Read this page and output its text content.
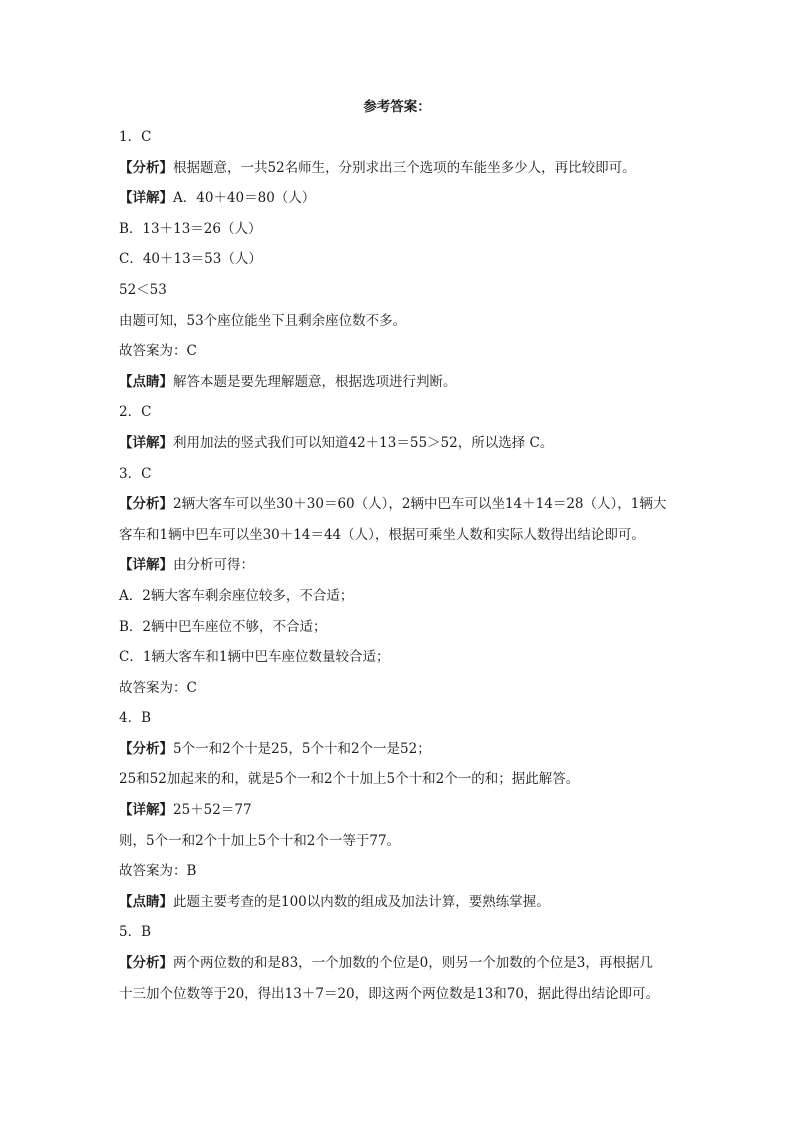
参考答案：
1．C
【分析】根据题意，一共52名师生，分别求出三个选项的车能坐多少人，再比较即可。
【详解】A．40＋40＝80（人）
B．13＋13＝26（人）
C．40＋13＝53（人）
52＜53
由题可知，53个座位能坐下且剩余座位数不多。
故答案为：C
【点睛】解答本题是要先理解题意，根据选项进行判断。
2．C
【详解】利用加法的竖式我们可以知道42＋13＝55＞52，所以选择 C。
3．C
【分析】2辆大客车可以坐30＋30＝60（人），2辆中巴车可以坐14＋14＝28（人），1辆大
客车和1辆中巴车可以坐30＋14＝44（人），根据可乘坐人数和实际人数得出结论即可。
【详解】由分析可得：
A．2辆大客车剩余座位较多，不合适；
B．2辆中巴车座位不够，不合适；
C．1辆大客车和1辆中巴车座位数量较合适；
故答案为：C
4．B
【分析】5个一和2个十是25，5个十和2个一是52；
25和52加起来的和，就是5个一和2个十加上5个十和2个一的和；据此解答。
【详解】25＋52＝77
则，5个一和2个十加上5个十和2个一等于77。
故答案为：B
【点睛】此题主要考查的是100以内数的组成及加法计算，要熟练掌握。
5．B
【分析】两个两位数的和是83，一个加数的个位是0，则另一个加数的个位是3，再根据几
十三加个位数等于20，得出13＋7＝20，即这两个两位数是13和70，据此得出结论即可。
